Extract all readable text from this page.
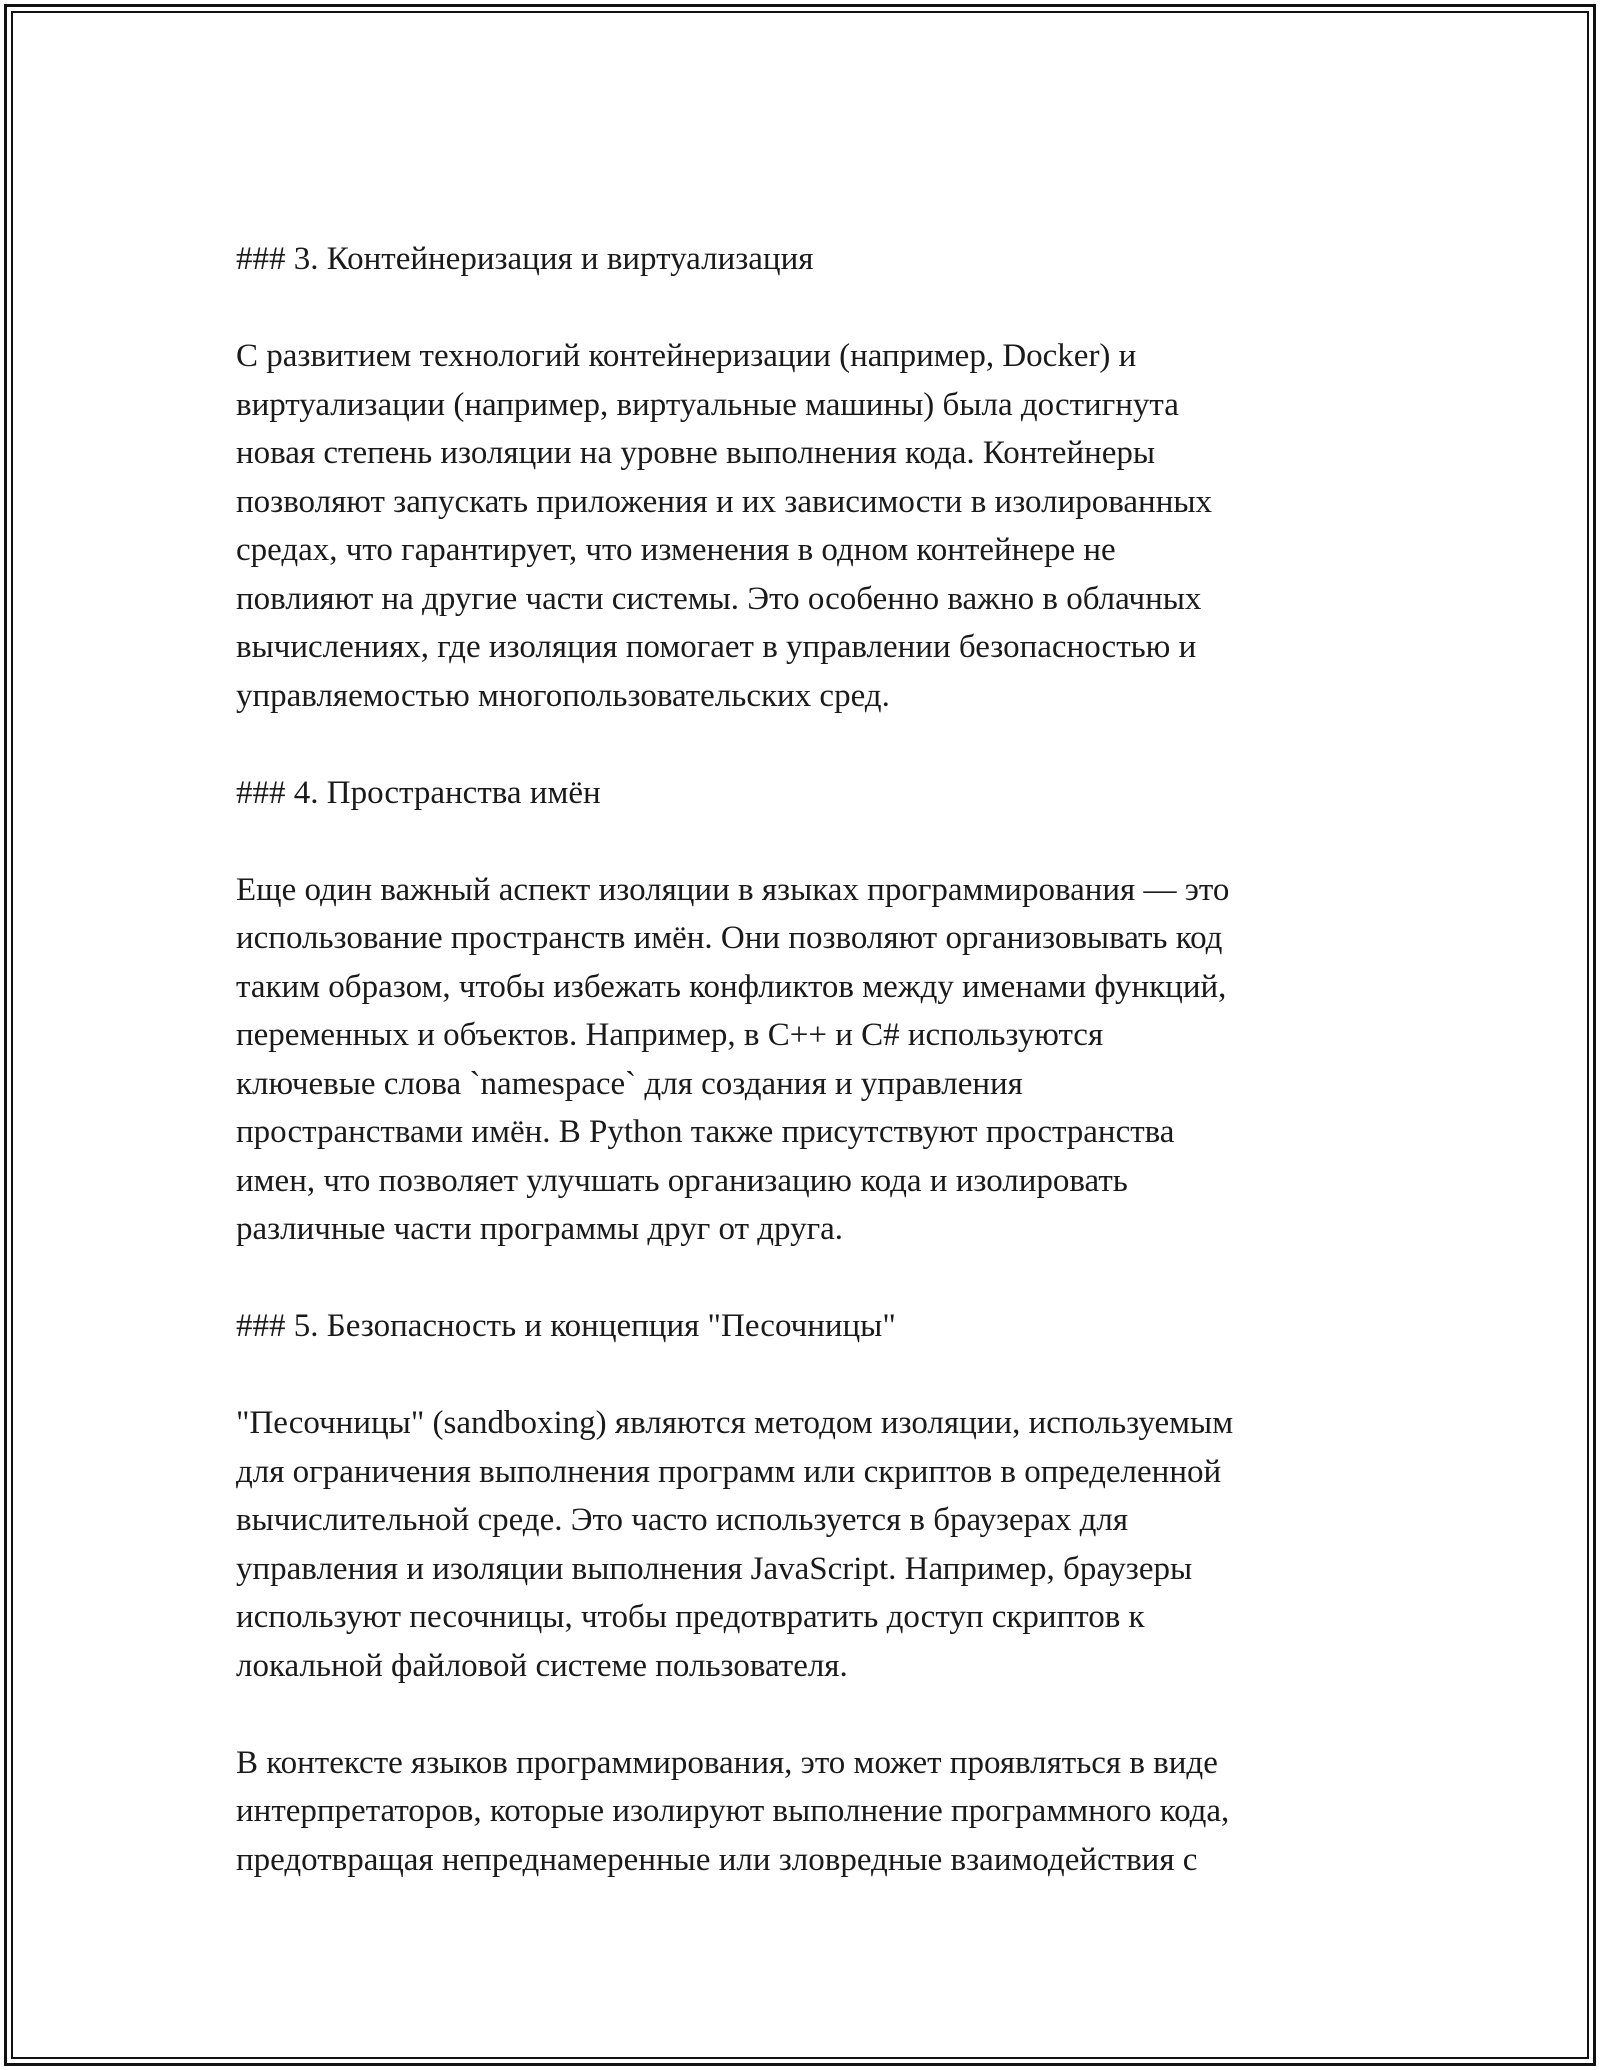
### 3. Контейнеризация и виртуализация
С развитием технологий контейнеризации (например, Docker) и
виртуализации (например, виртуальные машины) была достигнута
новая степень изоляции на уровне выполнения кода. Контейнеры
позволяют запускать приложения и их зависимости в изолированных
средах, что гарантирует, что изменения в одном контейнере не
повлияют на другие части системы. Это особенно важно в облачных
вычислениях, где изоляция помогает в управлении безопасностью и
управляемостью многопользовательских сред.
### 4. Пространства имён
Еще один важный аспект изоляции в языках программирования — это
использование пространств имён. Они позволяют организовывать код
таким образом, чтобы избежать конфликтов между именами функций,
переменных и объектов. Например, в C++ и C# используются
ключевые слова `namespace` для создания и управления
пространствами имён. В Python также присутствуют пространства
имен, что позволяет улучшать организацию кода и изолировать
различные части программы друг от друга.
### 5. Безопасность и концепция "Песочницы"
"Песочницы" (sandboxing) являются методом изоляции, используемым
для ограничения выполнения программ или скриптов в определенной
вычислительной среде. Это часто используется в браузерах для
управления и изоляции выполнения JavaScript. Например, браузеры
используют песочницы, чтобы предотвратить доступ скриптов к
локальной файловой системе пользователя.
В контексте языков программирования, это может проявляться в виде
интерпретаторов, которые изолируют выполнение программного кода,
предотвращая непреднамеренные или зловредные взаимодействия с
